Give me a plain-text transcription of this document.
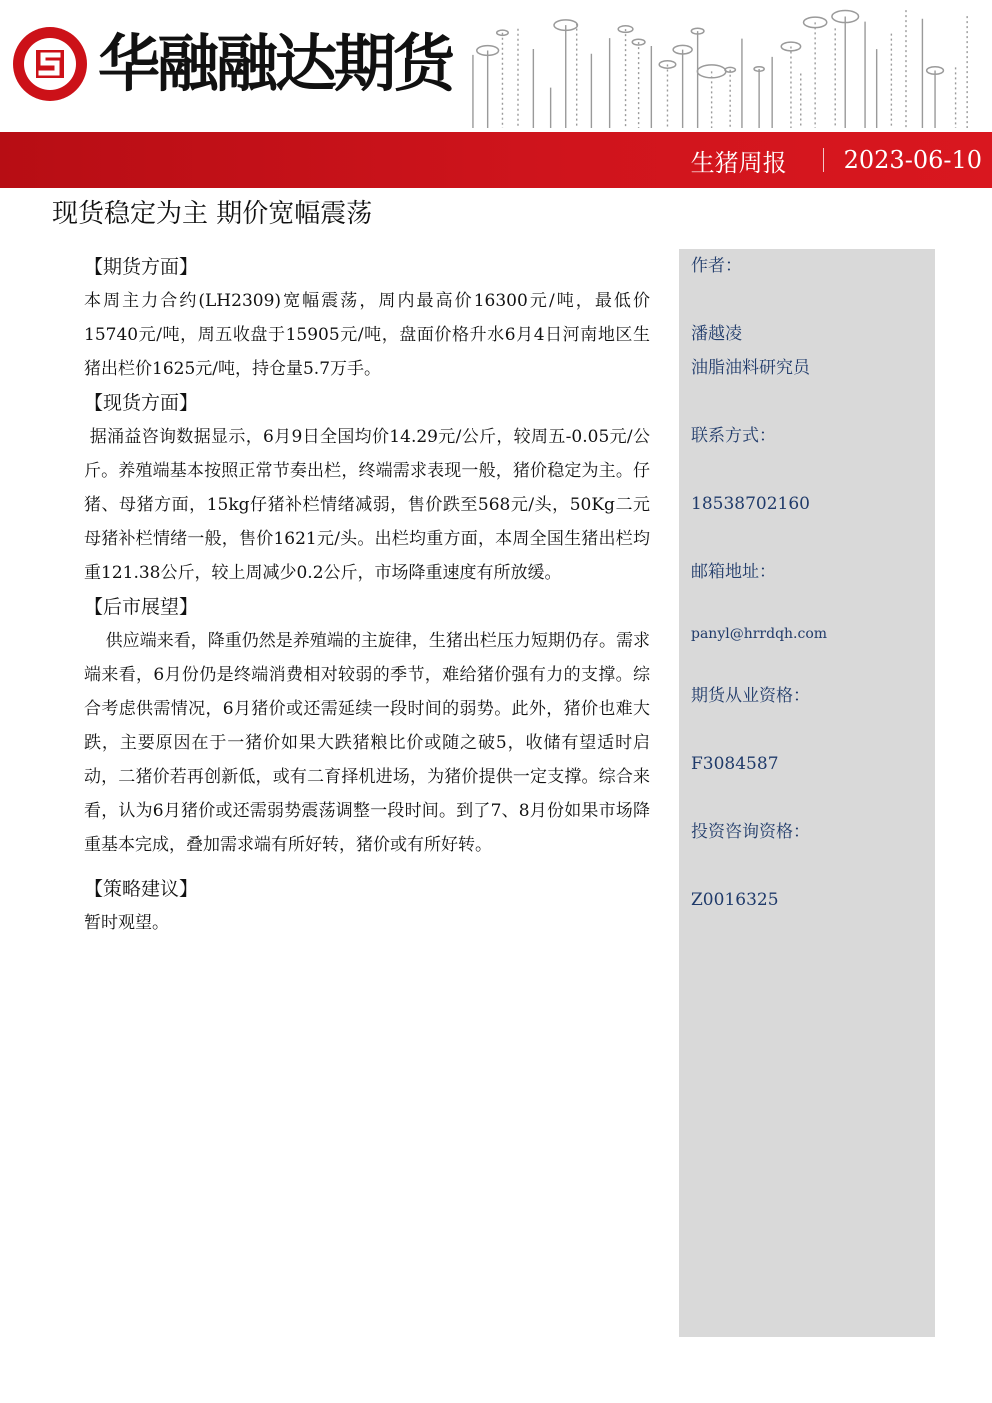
华融融达期货
生猪周报 2023-06-10
现货稳定为主 期价宽幅震荡
【期货方面】

本周主力合约(LH2309)宽幅震荡，周内最高价16300元/吨，最低价15740元/吨，周五收盘于15905元/吨，盘面价格升水6月4日河南地区生猪出栏价1625元/吨，持仓量5.7万手。

【现货方面】

据涌益咨询数据显示，6月9日全国均价14.29元/公斤，较周五-0.05元/公斤。养殖端基本按照正常节奏出栏，终端需求表现一般，猪价稳定为主。仔猪、母猪方面，15kg仔猪补栏情绪减弱，售价跌至568元/头，50Kg二元母猪补栏情绪一般，售价1621元/头。出栏均重方面，本周全国生猪出栏均重121.38公斤，较上周减少0.2公斤，市场降重速度有所放缓。

【后市展望】

供应端来看，降重仍然是养殖端的主旋律，生猪出栏压力短期仍存。需求端来看，6月份仍是终端消费相对较弱的季节，难给猪价强有力的支撑。综合考虑供需情况，6月猪价或还需延续一段时间的弱势。此外，猪价也难大跌，主要原因在于一猪价如果大跌猪粮比价或随之破5，收储有望适时启动，二猪价若再创新低，或有二育择机进场，为猪价提供一定支撑。综合来看，认为6月猪价或还需弱势震荡调整一段时间。到了7、8月份如果市场降重基本完成，叠加需求端有所好转，猪价或有所好转。

【策略建议】

暂时观望。

作者：
潘越凌
油脂油料研究员
联系方式：
18538702160
邮箱地址：
panyl@hrrdqh.com
期货从业资格：
F3084587
投资咨询资格：
Z0016325
